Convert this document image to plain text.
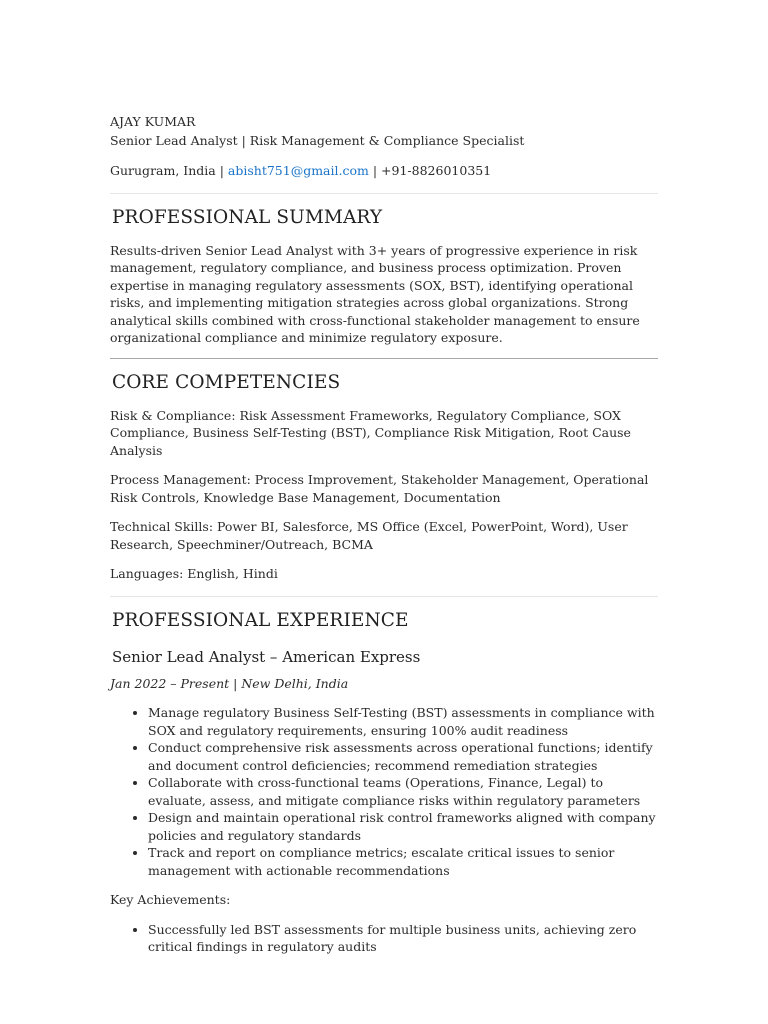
AJAY KUMAR

Senior Lead Analyst | Risk Management & Compliance Specialist

Gurugram, India | abisht751@gmail.com | +91-8826010351

PROFESSIONAL SUMMARY

Results-driven Senior Lead Analyst with 3+ years of progressive experience in risk management, regulatory compliance, and business process optimization. Proven expertise in managing regulatory assessments (SOX, BST), identifying operational risks, and implementing mitigation strategies across global organizations. Strong analytical skills combined with cross-functional stakeholder management to ensure organizational compliance and minimize regulatory exposure.

CORE COMPETENCIES

Risk & Compliance: Risk Assessment Frameworks, Regulatory Compliance, SOX Compliance, Business Self-Testing (BST), Compliance Risk Mitigation, Root Cause Analysis

Process Management: Process Improvement, Stakeholder Management, Operational Risk Controls, Knowledge Base Management, Documentation

Technical Skills: Power BI, Salesforce, MS Office (Excel, PowerPoint, Word), User Research, Speechminer/Outreach, BCMA

Languages: English, Hindi

PROFESSIONAL EXPERIENCE
Senior Lead Analyst – American Express

Jan 2022 – Present | New Delhi, India

• Manage regulatory Business Self-Testing (BST) assessments in compliance with SOX and regulatory requirements, ensuring 100% audit readiness
• Conduct comprehensive risk assessments across operational functions; identify and document control deficiencies; recommend remediation strategies
• Collaborate with cross-functional teams (Operations, Finance, Legal) to evaluate, assess, and mitigate compliance risks within regulatory parameters
• Design and maintain operational risk control frameworks aligned with company policies and regulatory standards
• Track and report on compliance metrics; escalate critical issues to senior management with actionable recommendations

Key Achievements:

• Successfully led BST assessments for multiple business units, achieving zero critical findings in regulatory audits
